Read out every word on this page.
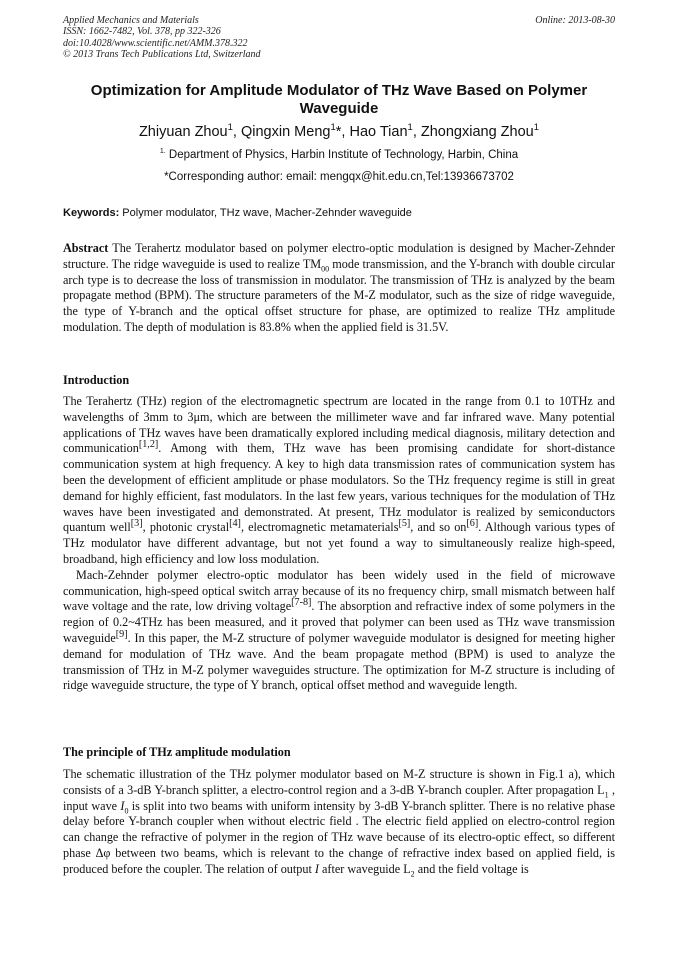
Applied Mechanics and Materials
ISSN: 1662-7482, Vol. 378, pp 322-326
doi:10.4028/www.scientific.net/AMM.378.322
© 2013 Trans Tech Publications Ltd, Switzerland
Online: 2013-08-30
Optimization for Amplitude Modulator of THz Wave Based on Polymer Waveguide
Zhiyuan Zhou$^1$, Qingxin Meng$^1$*, Hao Tian$^1$, Zhongxiang Zhou$^1$
$^{1.}$ Department of Physics, Harbin Institute of Technology, Harbin, China
*Corresponding author: email: mengqx@hit.edu.cn,Tel:13936673702
Keywords: Polymer modulator, THz wave, Macher-Zehnder waveguide
Abstract The Terahertz modulator based on polymer electro-optic modulation is designed by Macher-Zehnder structure. The ridge waveguide is used to realize $TM_{00}$ mode transmission, and the Y-branch with double circular arch type is to decrease the loss of transmission in modulator. The transmission of THz is analyzed by the beam propagate method (BPM). The structure parameters of the M-Z modulator, such as the size of ridge waveguide, the type of Y-branch and the optical offset structure for phase, are optimized to realize THz amplitude modulation. The depth of modulation is 83.8% when the applied field is 31.5V.
Introduction

The Terahertz (THz) region of the electromagnetic spectrum are located in the range from 0.1 to 10THz and wavelengths of 3mm to 3μm, which are between the millimeter wave and far infrared wave. Many potential applications of THz waves have been dramatically explored including medical diagnosis, military detection and communication[1,2]. Among with them, THz wave has been promising candidate for short-distance communication system at high frequency. A key to high data transmission rates of communication system has been the development of efficient amplitude or phase modulators. So the THz frequency regime is still in great demand for highly efficient, fast modulators. In the last few years, various techniques for the modulation of THz waves have been investigated and demonstrated. At present, THz modulator is realized by semiconductors quantum well[3], photonic crystal[4], electromagnetic metamaterials[5], and so on[6]. Although various types of THz modulator have different advantage, but not yet found a way to simultaneously realize high-speed, broadband, high efficiency and low loss modulation.

Mach-Zehnder polymer electro-optic modulator has been widely used in the field of microwave communication, high-speed optical switch array because of its no frequency chirp, small mismatch between half wave voltage and the rate, low driving voltage[7-8]. The absorption and refractive index of some polymers in the region of 0.2~4THz has been measured, and it proved that polymer can been used as THz wave transmission waveguide[9]. In this paper, the M-Z structure of polymer waveguide modulator is designed for meeting higher demand for modulation of THz wave. And the beam propagate method (BPM) is used to analyze the transmission of THz in M-Z polymer waveguides structure. The optimization for M-Z structure is including of ridge waveguide structure, the type of Y branch, optical offset method and waveguide length.

The principle of THz amplitude modulation

The schematic illustration of the THz polymer modulator based on M-Z structure is shown in Fig.1 a), which consists of a 3-dB Y-branch splitter, a electro-control region and a 3-dB Y-branch coupler. After propagation $L_1$ , input wave $I_0$ is split into two beams with uniform intensity by 3-dB Y-branch splitter. There is no relative phase delay before Y-branch coupler when without electric field . The electric field applied on electro-control region can change the refractive of polymer in the region of THz wave because of its electro-optic effect, so different phase Δφ between two beams, which is relevant to the change of refractive index based on applied field, is produced before the coupler. The relation of output I after waveguide $L_2$ and the field voltage is
